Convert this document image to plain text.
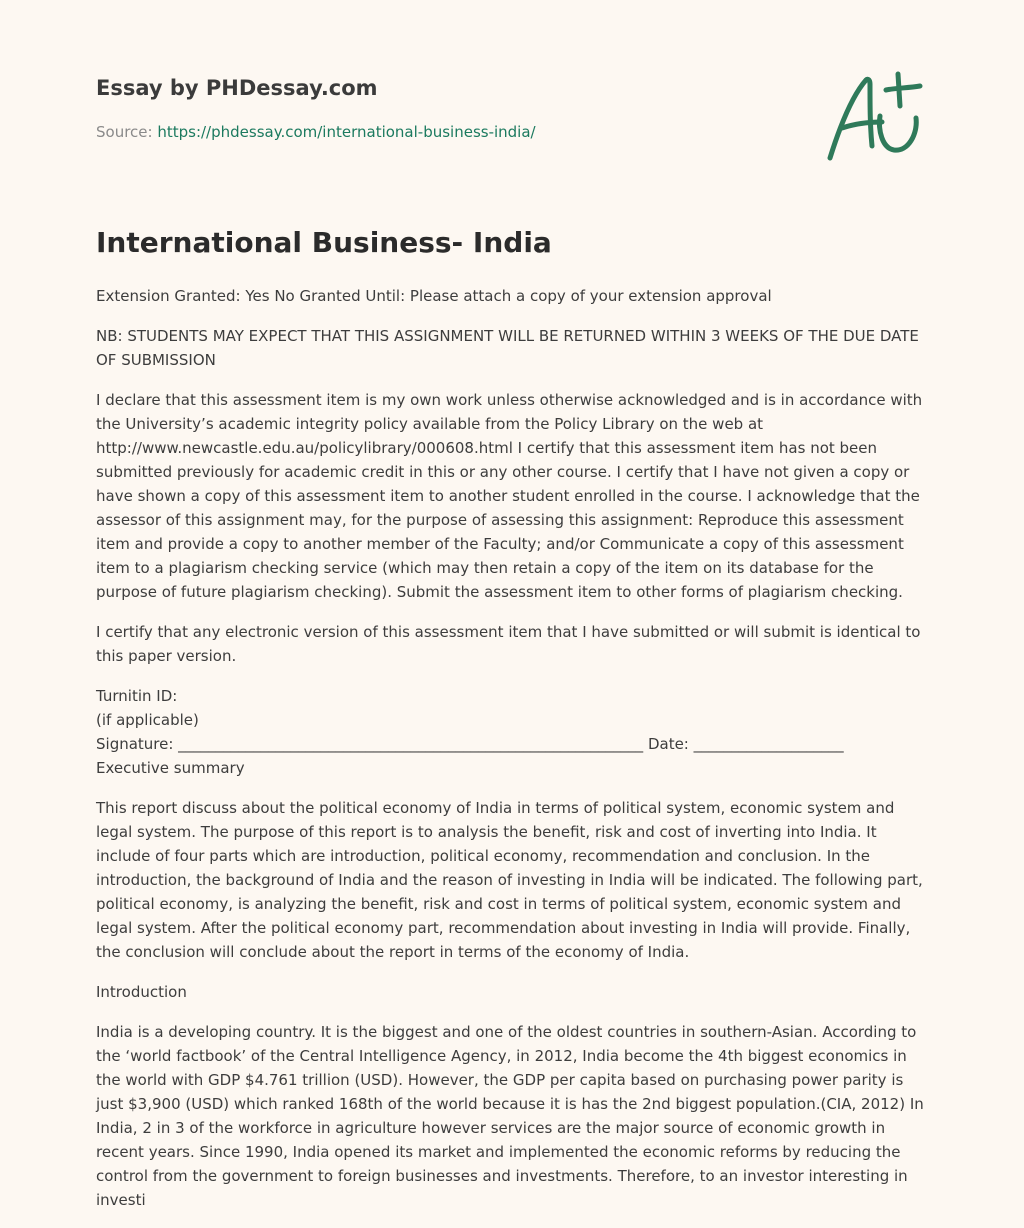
Essay by PHDessay.com
Source: https://phdessay.com/international-business-india/
International Business- India

Extension Granted: Yes No Granted Until: Please attach a copy of your extension approval

NB: STUDENTS MAY EXPECT THAT THIS ASSIGNMENT WILL BE RETURNED WITHIN 3 WEEKS OF THE DUE DATE OF SUBMISSION

I declare that this assessment item is my own work unless otherwise acknowledged and is in accordance with the University’s academic integrity policy available from the Policy Library on the web at http://www.newcastle.edu.au/policylibrary/000608.html I certify that this assessment item has not been submitted previously for academic credit in this or any other course. I certify that I have not given a copy or have shown a copy of this assessment item to another student enrolled in the course. I acknowledge that the assessor of this assignment may, for the purpose of assessing this assignment: Reproduce this assessment item and provide a copy to another member of the Faculty; and/or Communicate a copy of this assessment item to a plagiarism checking service (which may then retain a copy of the item on its database for the purpose of future plagiarism checking). Submit the assessment item to other forms of plagiarism checking.

I certify that any electronic version of this assessment item that I have submitted or will submit is identical to this paper version.

Turnitin ID:
(if applicable)
Signature: ______________________________________________________________ Date: ____________________
Executive summary

This report discuss about the political economy of India in terms of political system, economic system and legal system. The purpose of this report is to analysis the benefit, risk and cost of inverting into India. It include of four parts which are introduction, political economy, recommendation and conclusion. In the introduction, the background of India and the reason of investing in India will be indicated. The following part, political economy, is analyzing the benefit, risk and cost in terms of political system, economic system and legal system. After the political economy part, recommendation about investing in India will provide. Finally, the conclusion will conclude about the report in terms of the economy of India.

Introduction

India is a developing country. It is the biggest and one of the oldest countries in southern-Asian. According to the ‘world factbook’ of the Central Intelligence Agency, in 2012, India become the 4th biggest economics in the world with GDP $4.761 trillion (USD). However, the GDP per capita based on purchasing power parity is just $3,900 (USD) which ranked 168th of the world because it is has the 2nd biggest population.(CIA, 2012) In India, 2 in 3 of the workforce in agriculture however services are the major source of economic growth in recent years. Since 1990, India opened its market and implemented the economic reforms by reducing the control from the government to foreign businesses and investments. Therefore, to an investor interesting in investi
